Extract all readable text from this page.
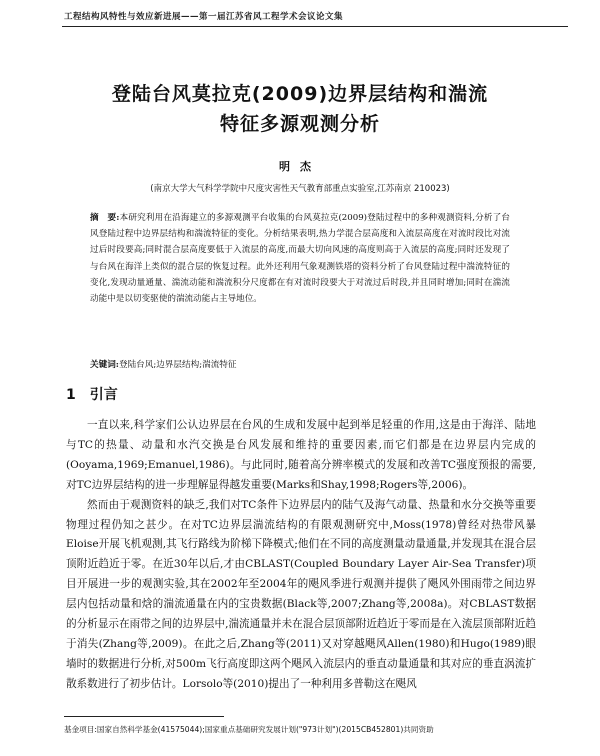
工程结构风特性与效应新进展——第一届江苏省风工程学术会议论文集
登陆台风莫拉克(2009)边界层结构和湍流
特征多源观测分析
明杰
(南京大学大气科学学院中尺度灾害性天气教育部重点实验室,江苏南京 210023)

摘　要:本研究利用在沿海建立的多源观测平台收集的台风莫拉克(2009)登陆过程中的多种观测资料,分析了台风登陆过程中边界层结构和湍流特征的变化。分析结果表明,热力学混合层高度和入流层高度在对流时段比对流过后时段要高;同时混合层高度要低于入流层的高度,而最大切向风速的高度则高于入流层的高度;同时还发现了与台风在海洋上类似的混合层的恢复过程。此外还利用气象观测铁塔的资料分析了台风登陆过程中湍流特征的变化,发现动量通量、湍流动能和湍流积分尺度都在有对流时段要大于对流过后时段,并且同时增加;同时在湍流动能中是以切变驱使的湍流动能占主导地位。

关键词:登陆台风;边界层结构;湍流特征
1 引言

一直以来,科学家们公认边界层在台风的生成和发展中起到举足轻重的作用,这是由于海洋、陆地与TC的热量、动量和水汽交换是台风发展和维持的重要因素,而它们都是在边界层内完成的(Ooyama,1969;Emanuel,1986)。与此同时,随着高分辨率模式的发展和改善TC强度预报的需要,对TC边界层结构的进一步理解显得越发重要(Marks和Shay,1998;Rogers等,2006)。

然而由于观测资料的缺乏,我们对TC条件下边界层内的陆气及海气动量、热量和水分交换等重要物理过程仍知之甚少。在对TC边界层湍流结构的有限观测研究中,Moss(1978)曾经对热带风暴Eloise开展飞机观测,其飞行路线为阶梯下降模式;他们在不同的高度测量动量通量,并发现其在混合层顶附近趋近于零。在近30年以后,才由CBLAST(Coupled Boundary Layer Air-Sea Transfer)项目开展进一步的观测实验,其在2002年至2004年的飓风季进行观测并提供了飓风外围雨带之间边界层内包括动量和焓的湍流通量在内的宝贵数据(Black等,2007;Zhang等,2008a)。对CBLAST数据的分析显示在雨带之间的边界层中,湍流通量并未在混合层顶部附近趋近于零而是在入流层顶部附近趋于消失(Zhang等,2009)。在此之后,Zhang等(2011)又对穿越飓风Allen(1980)和Hugo(1989)眼墙时的数据进行分析,对500m飞行高度即这两个飓风入流层内的垂直动量通量和其对应的垂直涡流扩散系数进行了初步估计。Lorsolo等(2010)提出了一种利用多普勒这在飓风

基金项目:国家自然科学基金(41575044);国家重点基础研究发展计划("973计划")(2015CB452801)共同资助
